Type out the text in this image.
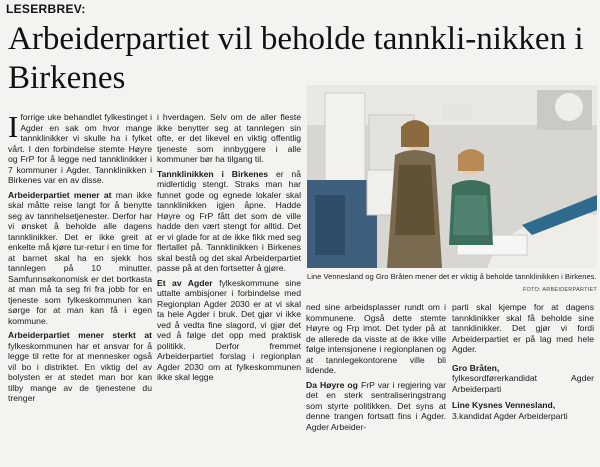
LESERBREV:
Arbeiderpartiet vil beholde tannkli-nikken i Birkenes
Line Vennesland og Gro Bråten mener det er viktig å beholde tannklinikken i Birkenes.
FOTO: ARBEIDERPARTIET

Iforrige uke behandlet fylkestinget i Agder en sak om hvor mange tannklinikker vi skulle ha i fylket vårt. I den forbindelse stemte Høyre og FrP for å legge ned tannklinikker i 7 kommuner i Agder. Tannklinikken i Birkenes var en av disse.

Arbeiderpartiet mener at man ikke skal måtte reise langt for å benytte seg av tannhelsetjenester. Derfor har vi ønsket å beholde alle dagens tannklinikker. Det er ikke greit at enkelte må kjøre tur-retur i en time for at barnet skal ha en sjekk hos tannlegen på 10 minutter. Samfunnsøkonomisk er det bortkasta at man må ta seg fri fra jobb for en tjeneste som fylkeskommunen kan sørge for at man kan få i egen kommune.

Arbeiderpartiet mener sterkt at fylkeskommunen har et ansvar for å legge til rette for at mennesker også vil bo i distriktet. En viktig del av bolysten er at stedet man bor kan tilby mange av de tjenestene du trenger

i hverdagen. Selv om de aller fleste ikke benytter seg at tannlegen sin ofte, er det likevel en viktig offentlig tjeneste som innbyggere i alle kommuner bør ha tilgang til.

Tannklinikken i Birkenes er nå midlertidig stengt. Straks man har funnet gode og egnede lokaler skal tannklinikken igjen åpne. Hadde Høyre og FrP fått det som de ville hadde den vært stengt for alltid. Det er vi glade for at de ikke fikk med seg flertallet på. Tannklinikken i Birkenes skal bestå og det skal Arbeiderpartiet passe på at den fortsetter å gjøre.

Et av Agder fylkeskommune sine uttalte ambisjoner i forbindelse med Regionplan Agder 2030 er at vi skal ta hele Agder i bruk. Det gjør vi ikke ved å vedta fine slagord, vi gjør det ved å følge det opp med praktisk politikk. Derfor fremmet Arbeiderpartiet forslag i regionplan Agder 2030 om at fylkeskommunen ikke skal legge

ned sine arbeidsplasser rundt om i kommunene. Også dette stemte Høyre og Frp imot. Det tyder på at de allerede da visste at de ikke ville følge intensjonene i regionplanen og at tannlegekontorene ville bli lidende.

Da Høyre og FrP var i regjering var det en sterk sentraliseringstrang som styrte politikken. Det syns at denne trangen fortsatt fins i Agder. Agder Arbeider-

parti skal kjempe for at dagens tannklinikker skal få beholde sine tannklinikker. Det gjør vi fordi Arbeiderpartiet er på lag med hele Agder.

Gro Bråten,
fylkesordførerkandidat Agder Arbeiderparti

Line Kysnes Vennesland,
3.kandidat Agder Arbeiderparti
